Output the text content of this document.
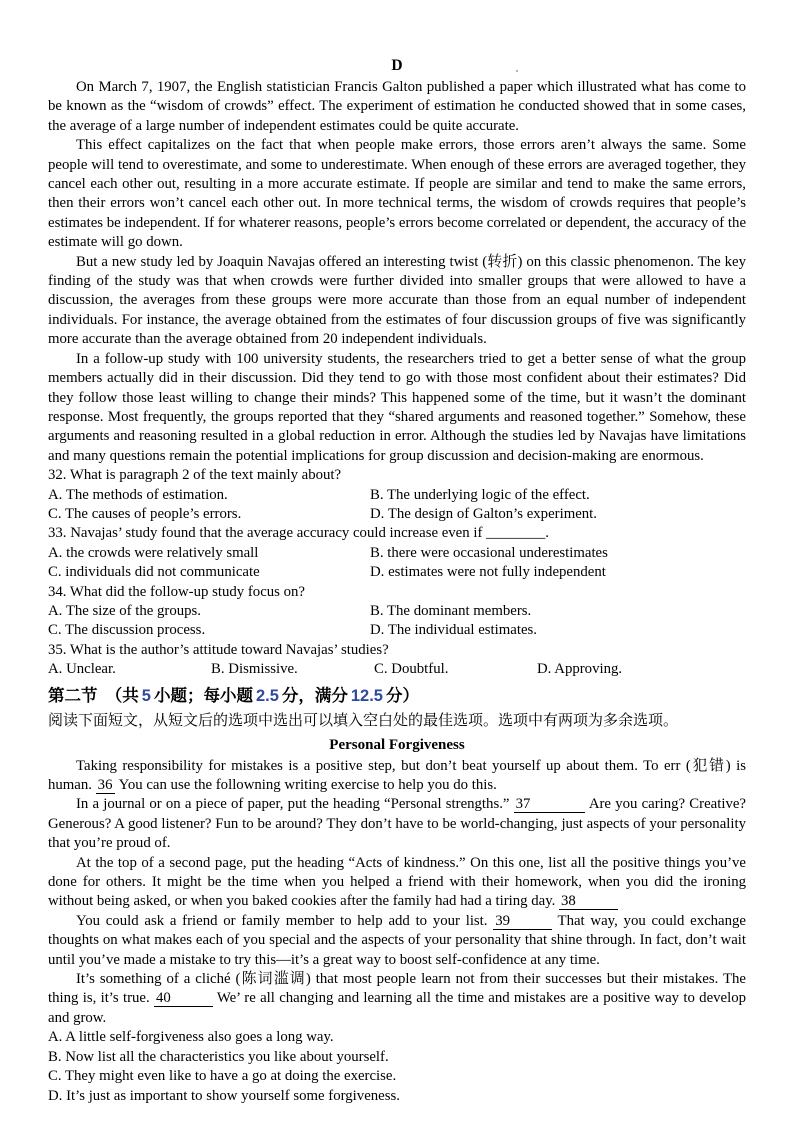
D

On March 7, 1907, the English statistician Francis Galton published a paper which illustrated what has come to be known as the “wisdom of crowds” effect. The experiment of estimation he conducted showed that in some cases, the average of a large number of independent estimates could be quite accurate.

This effect capitalizes on the fact that when people make errors, those errors aren’t always the same. Some people will tend to overestimate, and some to underestimate. When enough of these errors are averaged together, they cancel each other out, resulting in a more accurate estimate. If people are similar and tend to make the same errors, then their errors won’t cancel each other out. In more technical terms, the wisdom of crowds requires that people’s estimates be independent. If for whaterer reasons, people’s errors become correlated or dependent, the accuracy of the estimate will go down.

But a new study led by Joaquin Navajas offered an interesting twist (转折) on this classic phenomenon. The key finding of the study was that when crowds were further divided into smaller groups that were allowed to have a discussion, the averages from these groups were more accurate than those from an equal number of independent individuals. For instance, the average obtained from the estimates of four discussion groups of five was significantly more accurate than the average obtained from 20 independent individuals.

In a follow-up study with 100 university students, the researchers tried to get a better sense of what the group members actually did in their discussion. Did they tend to go with those most confident about their estimates? Did they follow those least willing to change their minds? This happened some of the time, but it wasn’t the dominant response. Most frequently, the groups reported that they “shared arguments and reasoned together.” Somehow, these arguments and reasoning resulted in a global reduction in error. Although the studies led by Navajas have limitations and many questions remain the potential implications for group discussion and decision-making are enormous.

32. What is paragraph 2 of the text mainly about?

A. The methods of estimation.	B. The underlying logic of the effect.
C. The causes of people’s errors.	D. The design of Galton’s experiment.

33. Navajas’ study found that the average accuracy could increase even if ________.

A. the crowds were relatively small	B. there were occasional underestimates
C. individuals did not communicate	D. estimates were not fully independent

34. What did the follow-up study focus on?

A. The size of the groups.	B. The dominant members.
C. The discussion process.	D. The individual estimates.

35. What is the author’s attitude toward Navajas’ studies?

A. Unclear.	B. Dismissive.	C. Doubtful.	D. Approving.
第二节　（共 5 小题；每小题 2.5 分，满分 12.5 分）
阅读下面短文，从短文后的选项中选出可以填入空白处的最佳选项。选项中有两项为多余选项。
Personal Forgiveness

Taking responsibility for mistakes is a positive step, but don’t beat yourself up about them. To err (犯错) is human. 36 You can use the followning writing exercise to help you do this.

In a journal or on a piece of paper, put the heading “Personal strengths.” 37	Are you caring? Creative? Generous? A good listener? Fun to be around? They don’t have to be world-changing, just aspects of your personality that you’re proud of.

At the top of a second page, put the heading “Acts of kindness.” On this one, list all the positive things you’ve done for others. It might be the time when you helped a friend with their homework, when you did the ironing without being asked, or when you baked cookies after the family had had a tiring day. 38

You could ask a friend or family member to help add to your list. 39	That way, you could exchange thoughts on what makes each of you special and the aspects of your personality that shine through. In fact, don’t wait until you’ve made a mistake to try this—it’s a great way to boost self-confidence at any time.

It’s something of a cliché (陈词滥调) that most people learn not from their successes but their mistakes. The thing is, it’s true. 40	We’ re all changing and learning all the time and mistakes are a positive way to develop and grow.

A. A little self-forgiveness also goes a long way.

B. Now list all the characteristics you like about yourself.

C. They might even like to have a go at doing the exercise.

D. It’s just as important to show yourself some forgiveness.
